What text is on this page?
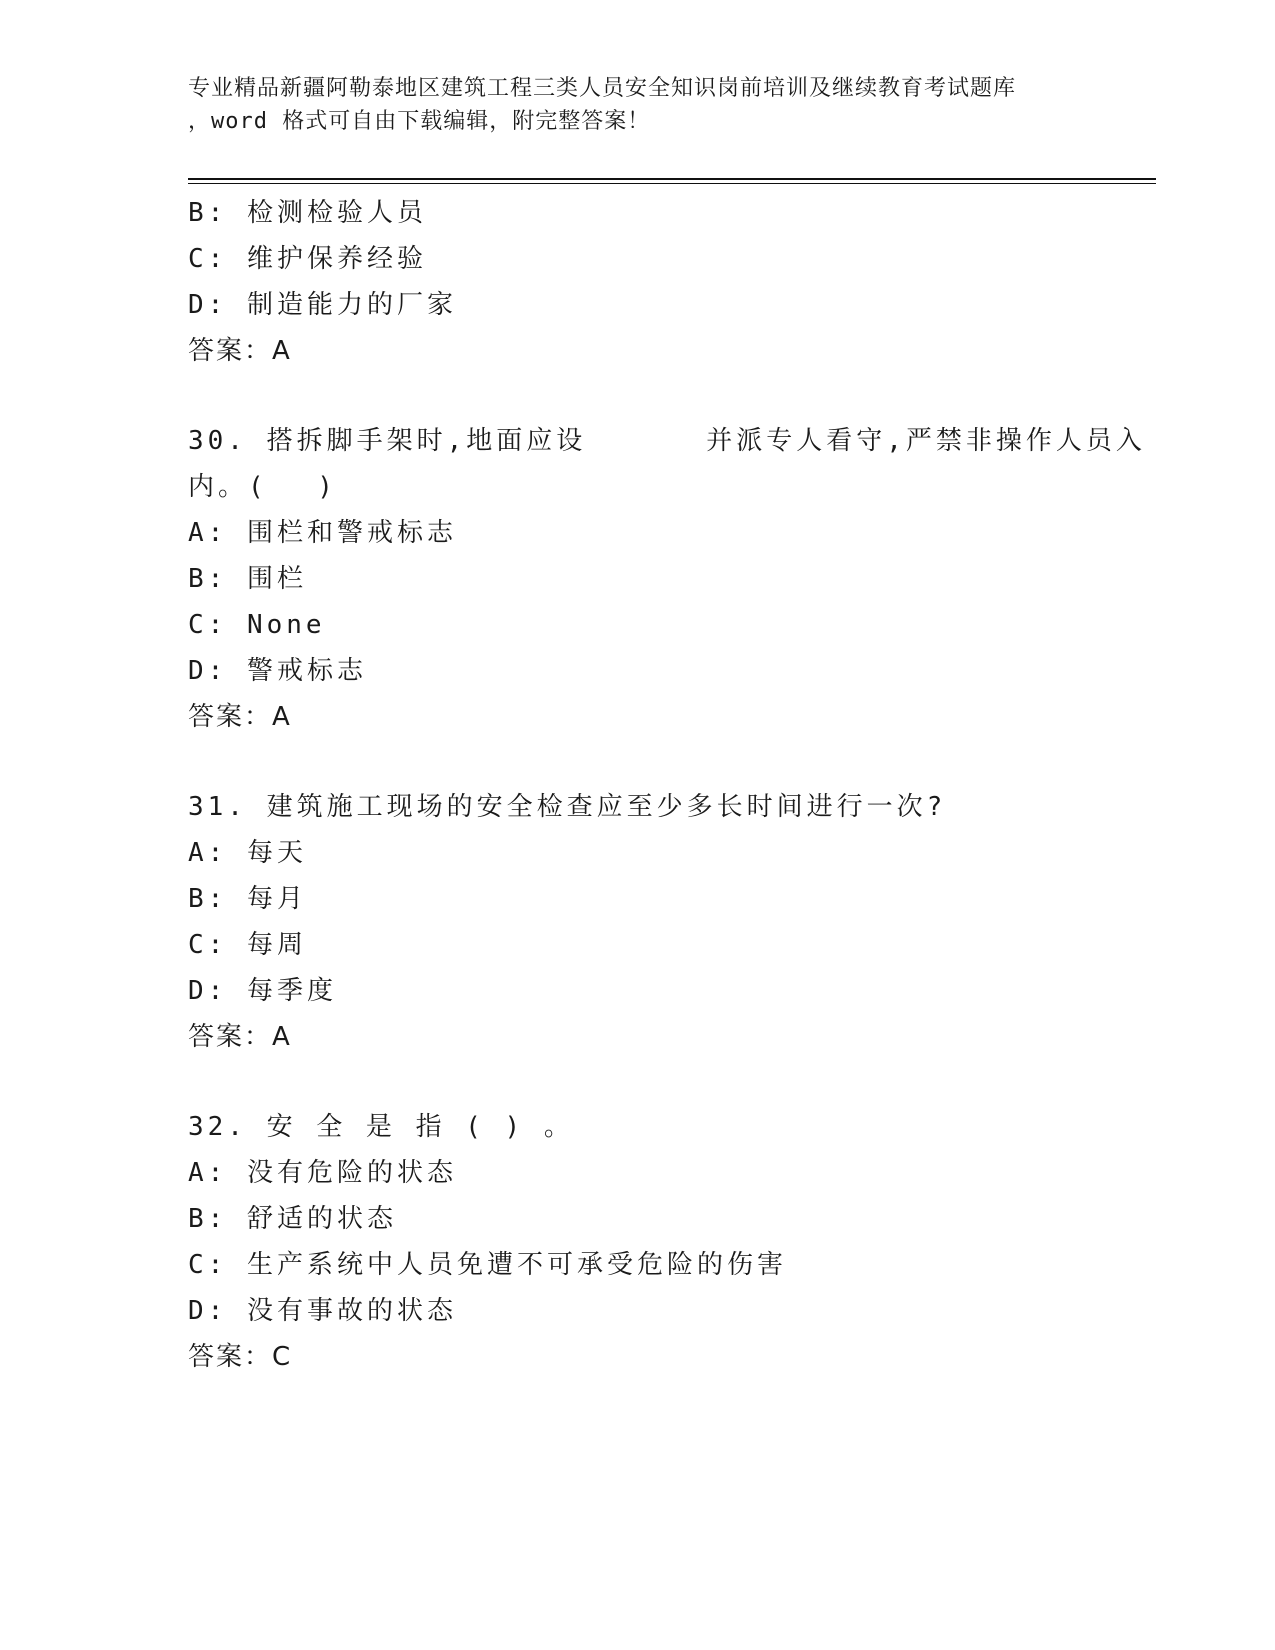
专业精品新疆阿勒泰地区建筑工程三类人员安全知识岗前培训及继续教育考试题库
，word 格式可自由下载编辑，附完整答案！
B: 检测检验人员
C: 维护保养经验
D: 制造能力的厂家
答案：A
30. 搭拆脚手架时,地面应设　　　　并派专人看守,严禁非操作人员入
内。(　 )
A: 围栏和警戒标志
B: 围栏
C: None
D: 警戒标志
答案：A
31. 建筑施工现场的安全检查应至少多长时间进行一次?
A: 每天
B: 每月
C: 每周
D: 每季度
答案：A
32. 安 全 是 指 ( ) 。
A: 没有危险的状态
B: 舒适的状态
C: 生产系统中人员免遭不可承受危险的伤害
D: 没有事故的状态
答案：C
